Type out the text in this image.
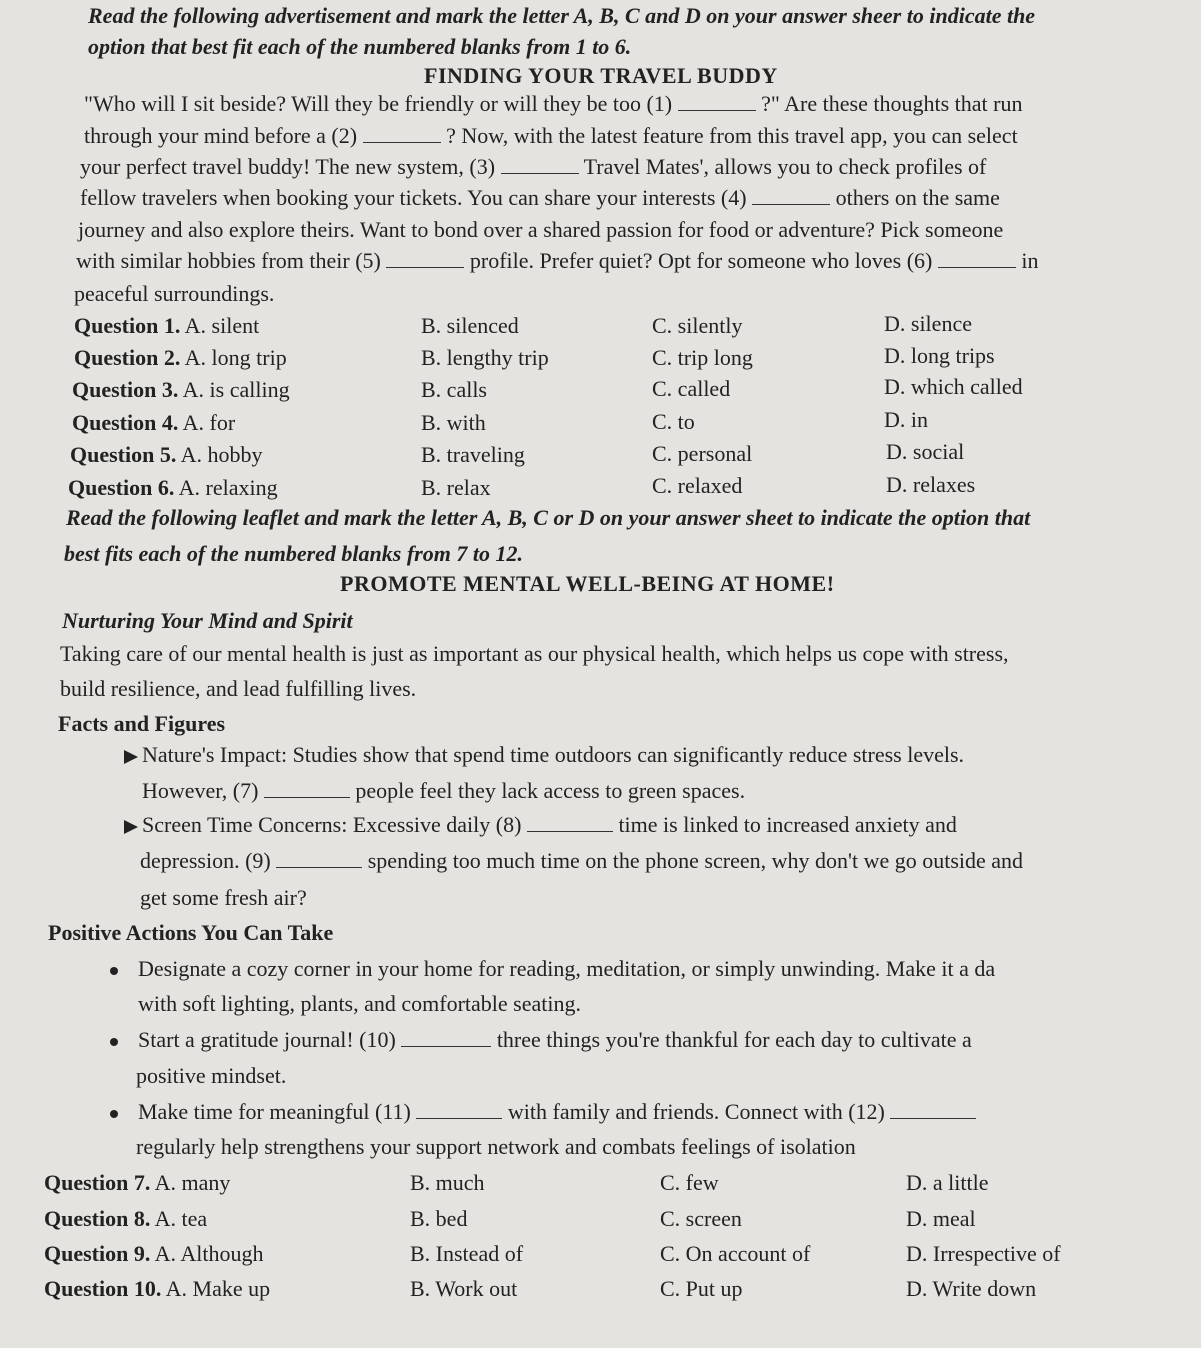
Read the following advertisement and mark the letter A, B, C and D on your answer sheer to indicate the
option that best fit each of the numbered blanks from 1 to 6.
FINDING YOUR TRAVEL BUDDY
"Who will I sit beside? Will they be friendly or will they be too (1)	?" Are these thoughts that run
through your mind before a (2)	? Now, with the latest feature from this travel app, you can select
your perfect travel buddy! The new system, (3)	Travel Mates', allows you to check profiles of
fellow travelers when booking your tickets. You can share your interests (4)	others on the same
journey and also explore theirs. Want to bond over a shared passion for food or adventure? Pick someone
with similar hobbies from their (5)	profile. Prefer quiet? Opt for someone who loves (6)	in
peaceful surroundings.
Question 1. A. silent	B. silenced	C. silently	D. silence
Question 2. A. long trip	B. lengthy trip	C. trip long	D. long trips
Question 3. A. is calling	B. calls	C. called	D. which called
Question 4. A. for	B. with	C. to	D. in
Question 5. A. hobby	B. traveling	C. personal	D. social
Question 6. A. relaxing	B. relax	C. relaxed	D. relaxes
Read the following leaflet and mark the letter A, B, C or D on your answer sheet to indicate the option that
best fits each of the numbered blanks from 7 to 12.
PROMOTE MENTAL WELL-BEING AT HOME!
Nurturing Your Mind and Spirit
Taking care of our mental health is just as important as our physical health, which helps us cope with stress,
build resilience, and lead fulfilling lives.
Facts and Figures
Nature's Impact: Studies show that spend time outdoors can significantly reduce stress levels.
However, (7)	people feel they lack access to green spaces.
Screen Time Concerns: Excessive daily (8)	time is linked to increased anxiety and
depression. (9)	spending too much time on the phone screen, why don't we go outside and
get some fresh air?
Positive Actions You Can Take
Designate a cozy corner in your home for reading, meditation, or simply unwinding. Make it a da
with soft lighting, plants, and comfortable seating.
Start a gratitude journal! (10)	three things you're thankful for each day to cultivate a
positive mindset.
Make time for meaningful (11)	with family and friends. Connect with (12)
regularly help strengthens your support network and combats feelings of isolation
Question 7. A. many	B. much	C. few	D. a little
Question 8. A. tea	B. bed	C. screen	D. meal
Question 9. A. Although	B. Instead of	C. On account of	D. Irrespective of
Question 10. A. Make up	B. Work out	C. Put up	D. Write down
